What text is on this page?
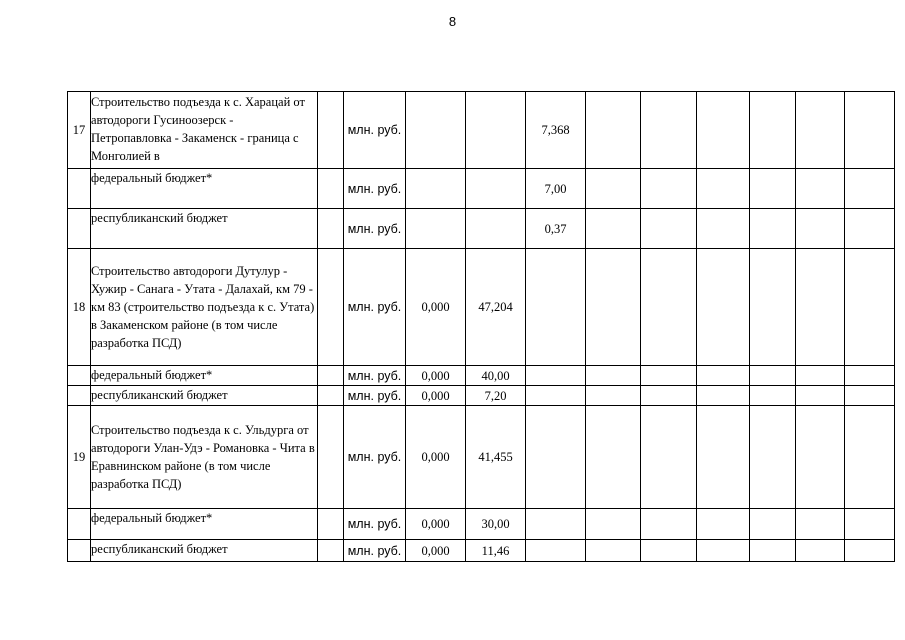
8
17	Строительство подъезда к с. Харацай от автодороги Гусиноозерск - Петропавловка - Закаменск - граница с Монголией в		млн. руб.			7,368						
	федеральный бюджет*		млн. руб.			7,00						
	республиканский бюджет		млн. руб.			0,37						
18	Строительство автодороги Дутулур - Хужир - Санага - Утата - Далахай, км 79 - км 83 (строительство подъезда к с. Утата) в Закаменском районе (в том числе разработка ПСД)		млн. руб.	0,000	47,204							
	федеральный бюджет*		млн. руб.	0,000	40,00							
	республиканский бюджет		млн. руб.	0,000	7,20							
19	Строительство подъезда к с. Ульдурга от автодороги Улан-Удэ - Романовка - Чита в Еравнинском районе (в том числе разработка ПСД)		млн. руб.	0,000	41,455							
	федеральный бюджет*		млн. руб.	0,000	30,00							
	республиканский бюджет		млн. руб.	0,000	11,46							
